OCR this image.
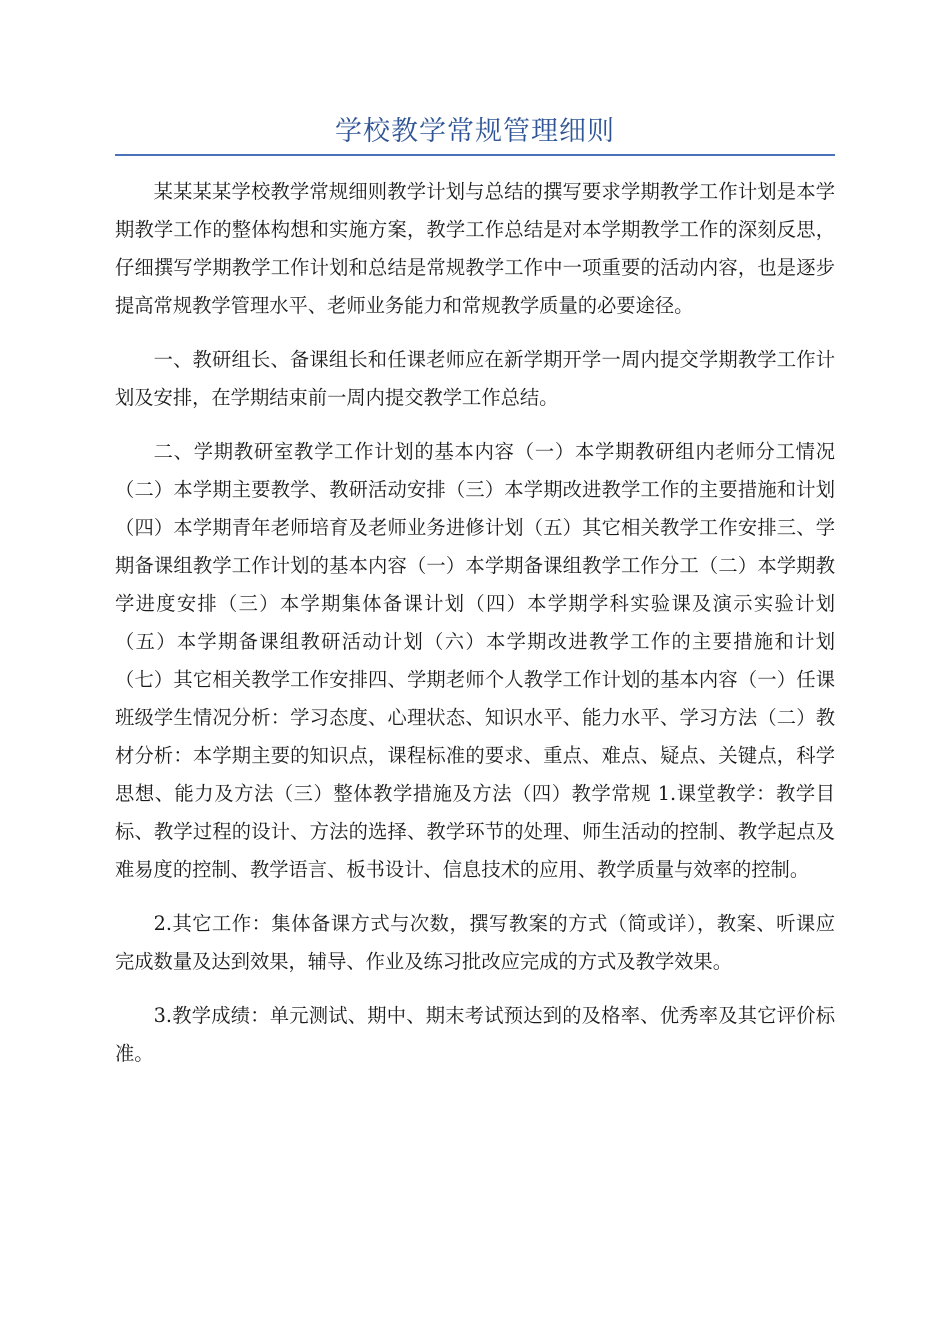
学校教学常规管理细则

某某某某学校教学常规细则教学计划与总结的撰写要求学期教学工作计划是本学期教学工作的整体构想和实施方案，教学工作总结是对本学期教学工作的深刻反思，仔细撰写学期教学工作计划和总结是常规教学工作中一项重要的活动内容，也是逐步提高常规教学管理水平、老师业务能力和常规教学质量的必要途径。

一、教研组长、备课组长和任课老师应在新学期开学一周内提交学期教学工作计划及安排，在学期结束前一周内提交教学工作总结。

二、学期教研室教学工作计划的基本内容（一）本学期教研组内老师分工情况（二）本学期主要教学、教研活动安排（三）本学期改进教学工作的主要措施和计划（四）本学期青年老师培育及老师业务进修计划（五）其它相关教学工作安排三、学期备课组教学工作计划的基本内容（一）本学期备课组教学工作分工（二）本学期教学进度安排（三）本学期集体备课计划（四）本学期学科实验课及演示实验计划（五）本学期备课组教研活动计划（六）本学期改进教学工作的主要措施和计划（七）其它相关教学工作安排四、学期老师个人教学工作计划的基本内容（一）任课班级学生情况分析：学习态度、心理状态、知识水平、能力水平、学习方法（二）教材分析：本学期主要的知识点，课程标准的要求、重点、难点、疑点、关键点，科学思想、能力及方法（三）整体教学措施及方法（四）教学常规 1.课堂教学：教学目标、教学过程的设计、方法的选择、教学环节的处理、师生活动的控制、教学起点及难易度的控制、教学语言、板书设计、信息技术的应用、教学质量与效率的控制。

2.其它工作：集体备课方式与次数，撰写教案的方式（简或详），教案、听课应完成数量及达到效果，辅导、作业及练习批改应完成的方式及教学效果。

3.教学成绩：单元测试、期中、期末考试预达到的及格率、优秀率及其它评价标准。
